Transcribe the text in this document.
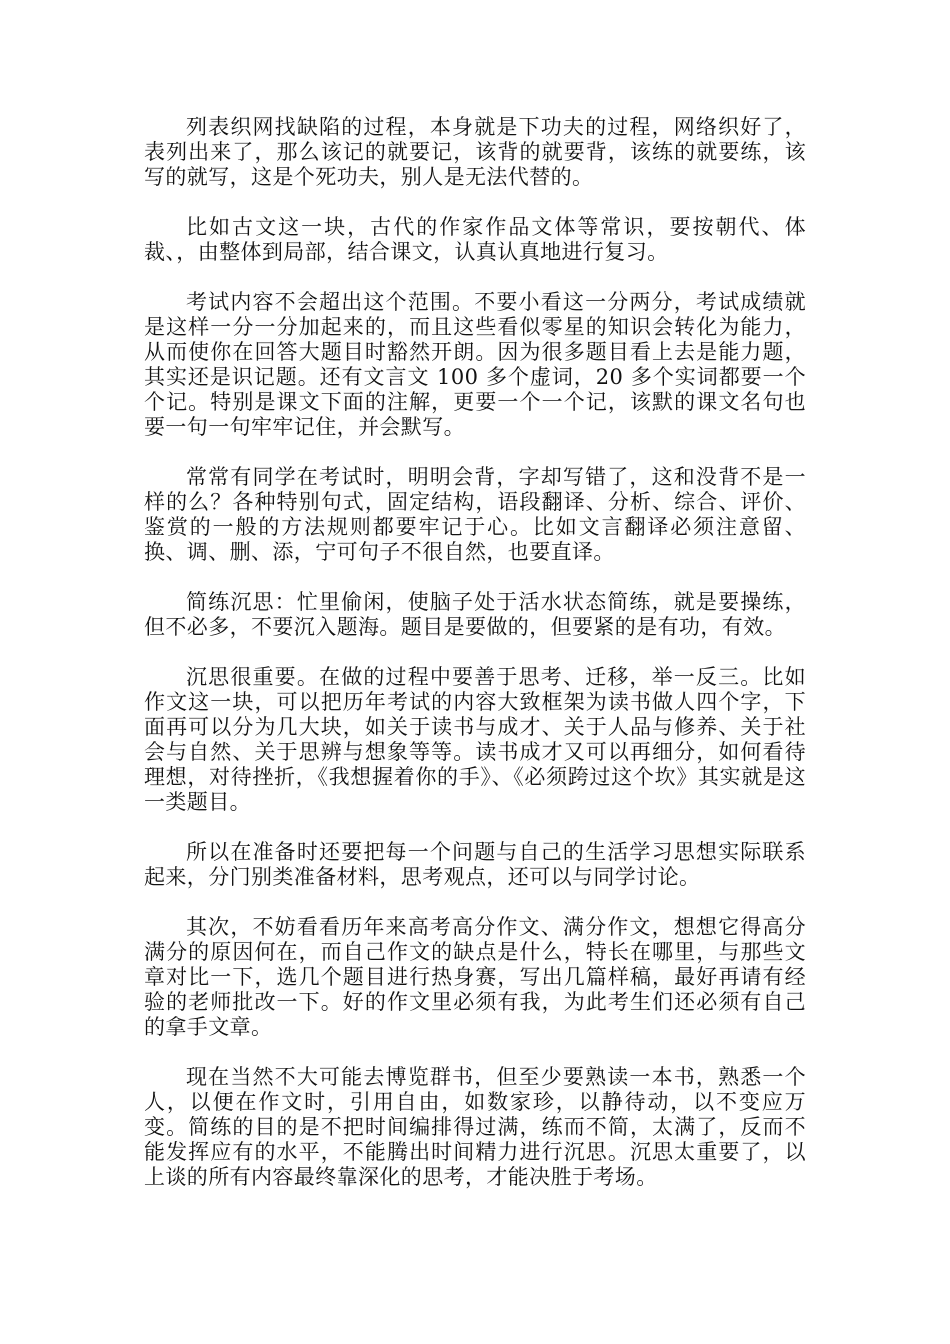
列表织网找缺陷的过程，本身就是下功夫的过程，网络织好了，表列出来了，那么该记的就要记，该背的就要背，该练的就要练，该写的就写，这是个死功夫，别人是无法代替的。

比如古文这一块，古代的作家作品文体等常识，要按朝代、体裁、，由整体到局部，结合课文，认真认真地进行复习。

考试内容不会超出这个范围。不要小看这一分两分，考试成绩就是这样一分一分加起来的，而且这些看似零星的知识会转化为能力，从而使你在回答大题目时豁然开朗。因为很多题目看上去是能力题，其实还是识记题。还有文言文 100 多个虚词，20 多个实词都要一个个记。特别是课文下面的注解，更要一个一个记，该默的课文名句也要一句一句牢牢记住，并会默写。

常常有同学在考试时，明明会背，字却写错了，这和没背不是一样的么？各种特别句式，固定结构，语段翻译、分析、综合、评价、鉴赏的一般的方法规则都要牢记于心。比如文言翻译必须注意留、换、调、删、添，宁可句子不很自然，也要直译。

简练沉思：忙里偷闲，使脑子处于活水状态简练，就是要操练，但不必多，不要沉入题海。题目是要做的，但要紧的是有功，有效。

沉思很重要。在做的过程中要善于思考、迁移，举一反三。比如作文这一块，可以把历年考试的内容大致框架为读书做人四个字，下面再可以分为几大块，如关于读书与成才、关于人品与修养、关于社会与自然、关于思辨与想象等等。读书成才又可以再细分，如何看待理想，对待挫折，《我想握着你的手》、《必须跨过这个坎》其实就是这一类题目。

所以在准备时还要把每一个问题与自己的生活学习思想实际联系起来，分门别类准备材料，思考观点，还可以与同学讨论。

其次，不妨看看历年来高考高分作文、满分作文，想想它得高分满分的原因何在，而自己作文的缺点是什么，特长在哪里，与那些文章对比一下，选几个题目进行热身赛，写出几篇样稿，最好再请有经验的老师批改一下。好的作文里必须有我，为此考生们还必须有自己的拿手文章。

现在当然不大可能去博览群书，但至少要熟读一本书，熟悉一个人，以便在作文时，引用自由，如数家珍，以静待动，以不变应万变。简练的目的是不把时间编排得过满，练而不简，太满了，反而不能发挥应有的水平，不能腾出时间精力进行沉思。沉思太重要了，以上谈的所有内容最终靠深化的思考，才能决胜于考场。
